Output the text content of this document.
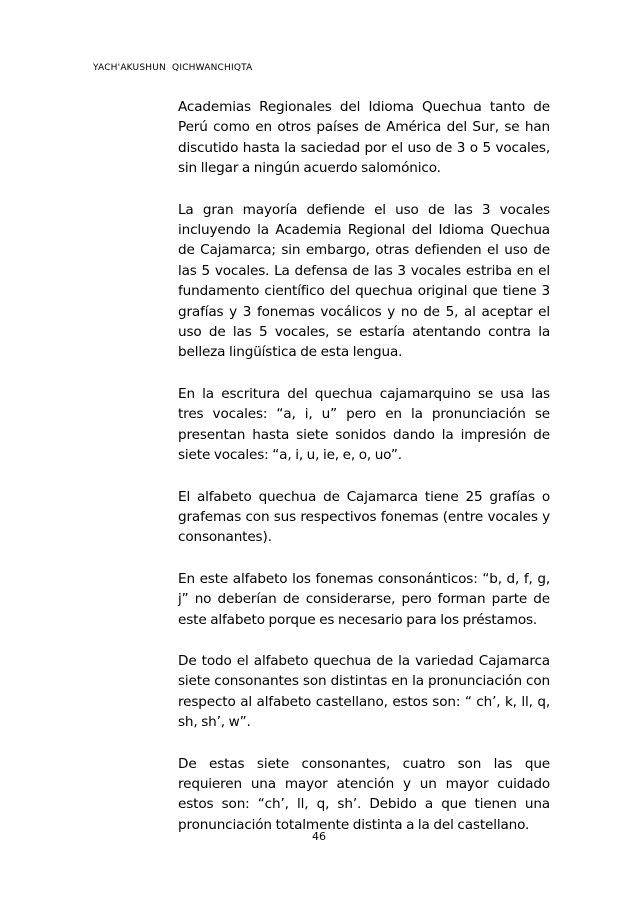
YACH'AKUSHUN  QICHWANCHIQTA

Academias Regionales del Idioma Quechua tanto de Perú como en otros países de América del Sur, se han discutido hasta la saciedad por el uso de 3 o 5 vocales, sin llegar a ningún acuerdo salomónico.

La gran mayoría defiende el uso de las 3 vocales incluyendo la Academia Regional del Idioma Quechua de Cajamarca; sin embargo, otras defienden el uso de las 5 vocales. La defensa de las 3 vocales estriba en el fundamento científico del quechua original que tiene 3 grafías y 3 fonemas vocálicos y no de 5, al aceptar el uso de las 5 vocales, se estaría atentando contra la belleza lingüística de esta lengua.

En la escritura del quechua cajamarquino se usa las tres vocales: “a, i, u” pero en la pronunciación se presentan hasta siete sonidos dando la impresión de siete vocales: “a, i, u, ie, e, o, uo”.

El alfabeto quechua de Cajamarca tiene 25 grafías o grafemas con sus respectivos fonemas (entre vocales y consonantes).

En este alfabeto los fonemas consonánticos: “b, d, f, g, j” no deberían de considerarse, pero forman parte de este alfabeto porque es necesario para los préstamos.

De todo el alfabeto quechua de la variedad Cajamarca siete consonantes son distintas en la pronunciación con respecto al alfabeto castellano, estos son: “ ch’, k, ll, q, sh, sh’, w”.

De estas siete consonantes, cuatro son las que requieren una mayor atención y un mayor cuidado estos son: “ch’, ll, q, sh’. Debido a que tienen una pronunciación totalmente distinta a la del castellano.

46
